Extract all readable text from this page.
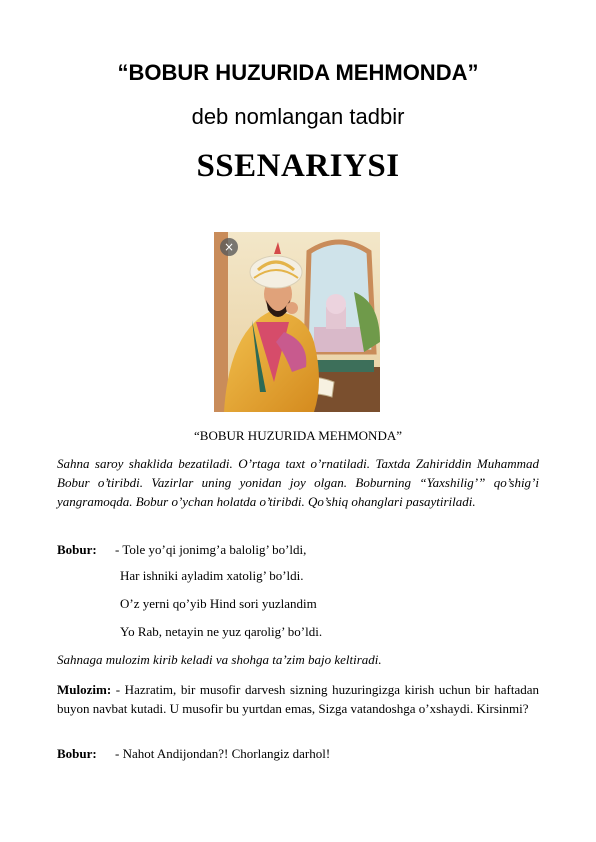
“BOBUR HUZURIDA MEHMONDA”
deb nomlangan tadbir
SSENARIYSI
×
“BOBUR HUZURIDA MEHMONDA”
Sahna saroy shaklida bezatiladi. O’rtaga taxt o’rnatiladi. Taxtda Zahiriddin Muhammad Bobur o’tiribdi. Vazirlar uning yonidan joy olgan. Boburning “Yaxshilig’” qo’shig’i yangramoqda. Bobur o’ychan holatda o’tiribdi. Qo’shiq ohanglari pasaytiriladi.
Bobur: - Tole yo’qi jonimg’a balolig’ bo’ldi,
Har ishniki ayladim xatolig’ bo’ldi.
O’z yerni qo’yib Hind sori yuzlandim
Yo Rab, netayin ne yuz qarolig’ bo’ldi.
Sahnaga mulozim kirib keladi va shohga ta’zim bajo keltiradi.
Mulozim: - Hazratim, bir musofir darvesh sizning huzuringizga kirish uchun bir haftadan buyon navbat kutadi. U musofir bu yurtdan emas, Sizga vatandoshga o’xshaydi. Kirsinmi?
Bobur: - Nahot Andijondan?! Chorlangiz darhol!
